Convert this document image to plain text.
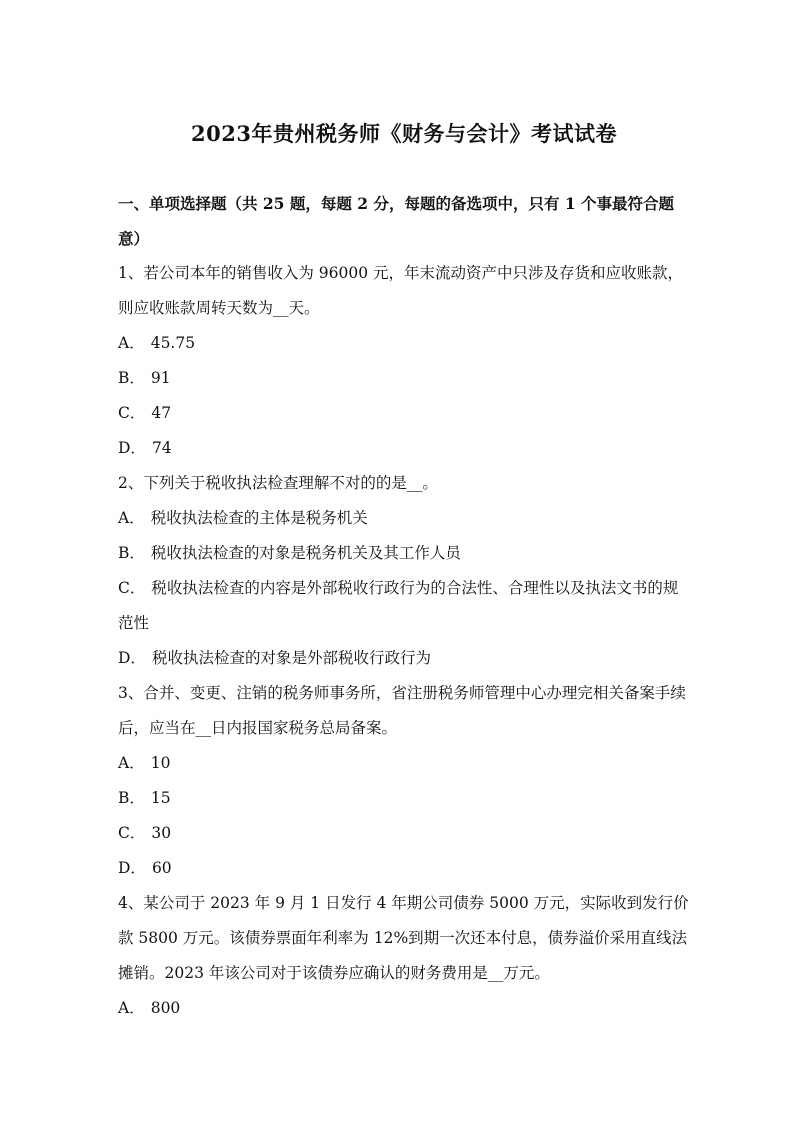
2023年贵州税务师《财务与会计》考试试卷

一、单项选择题（共 25 题，每题 2 分，每题的备选项中，只有 1 个事最符合题意）

1、若公司本年的销售收入为 96000 元，年末流动资产中只涉及存货和应收账款，则应收账款周转天数为__天。

A． 45.75

B． 91

C． 47

D． 74

2、下列关于税收执法检查理解不对的的是__。

A． 税收执法检查的主体是税务机关

B． 税收执法检查的对象是税务机关及其工作人员

C． 税收执法检查的内容是外部税收行政行为的合法性、合理性以及执法文书的规范性

D． 税收执法检查的对象是外部税收行政行为

3、合并、变更、注销的税务师事务所，省注册税务师管理中心办理完相关备案手续后，应当在__日内报国家税务总局备案。

A． 10

B． 15

C． 30

D． 60

4、某公司于 2023 年 9 月 1 日发行 4 年期公司债券 5000 万元，实际收到发行价款 5800 万元。该债券票面年利率为 12%到期一次还本付息，债券溢价采用直线法摊销。2023 年该公司对于该债券应确认的财务费用是__万元。

A． 800
